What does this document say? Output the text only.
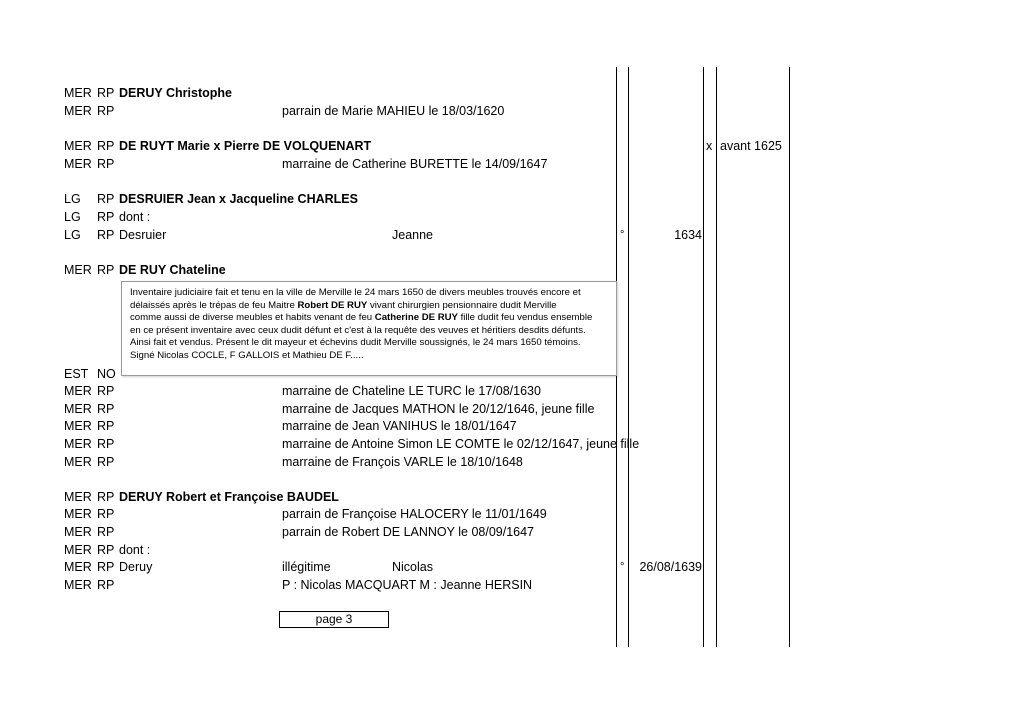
MER RP DERUY Christophe
MER RP	parrain de Marie MAHIEU le 18/03/1620
MER RP DE RUYT Marie x Pierre DE VOLQUENART	x avant 1625
MER RP	marraine de Catherine BURETTE le 14/09/1647
LG RP DESRUIER Jean x Jacqueline CHARLES
LG RP dont :
LG RP Desruier	Jeanne	°	1634
MER RP DE RUY Chateline
EST NO
MER RP	marraine de Chateline LE TURC le 17/08/1630
MER RP	marraine de Jacques MATHON le 20/12/1646, jeune fille
MER RP	marraine de Jean VANIHUS le 18/01/1647
MER RP	marraine de Antoine Simon LE COMTE le 02/12/1647, jeune fille
MER RP	marraine de François VARLE le 18/10/1648
MER RP DERUY Robert et Françoise BAUDEL
MER RP	parrain de Françoise HALOCERY le 11/01/1649
MER RP	parrain de Robert DE LANNOY le 08/09/1647
MER RP dont :
MER RP Deruy	illégitime	Nicolas	°	26/08/1639
MER RP	P : Nicolas MACQUART M : Jeanne HERSIN
Inventaire judiciaire fait et tenu en la ville de Merville le 24 mars 1650 de divers meubles trouvés encore et
délaissés après le trépas de feu Maitre Robert DE RUY vivant chirurgien pensionnaire dudit Merville
comme aussi de diverse meubles et habits venant de feu Catherine DE RUY fille dudit feu vendus ensemble
en ce présent inventaire avec ceux dudit défunt et c'est à la requête des veuves et héritiers desdits défunts.
Ainsi fait et vendus. Présent le dit mayeur et échevins dudit Merville soussignés, le 24 mars 1650 témoins.
Signé Nicolas COCLE, F GALLOIS et Mathieu DE F.....
page 3
